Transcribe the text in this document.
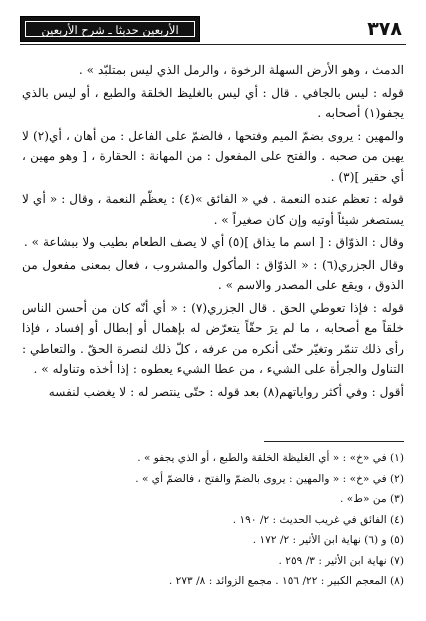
الأربعين حديثا ـ شرح الأربعين	٣٧٨

الدمث ، وهو الأرض السهلة الرخوة ، والرمل الذي ليس بمتلبّد » .

قوله : ليس بالجافي . قال : أي ليس بالغليظ الخلقة والطبع ، أو ليس بالذي يجفو(١) أصحابه .

والمهين : يروى بضمّ الميم وفتحها ، فالضمّ على الفاعل : من أهان ، أي(٢) لا يهين من صحبه . والفتح على المفعول : من المهانة : الحقارة ، [ وهو مهين ، أي حقير ](٣) .

قوله : تعظم عنده النعمة . في « الفائق »(٤) : يعظّم النعمة ، وقال : « أي لا يستصغر شيئاً أوتيه وإن كان صغيراً » .

وقال : الذوّاق : [ اسم ما يذاق ](٥) أي لا يصف الطعام بطيب ولا ببشاعة » .

وقال الجزري(٦) : « الذوّاق : المأكول والمشروب ، فعال بمعنى مفعول من الذوق ، ويقع على المصدر والاسم » .

قوله : فإذا تعوطي الحق . قال الجزري(٧) : « أي أنّه كان من أحسن الناس خلقاً مع أصحابه ، ما لم يرَ حقّاً يتعرّض له بإهمال أو إبطال أو إفساد ، فإذا رأى ذلك تنمّر وتغيّر حتّى أنكره من عرفه ، كلّ ذلك لنصرة الحقّ . والتعاطي : التناول والجرأة على الشيء ، من عطا الشيء يعطوه : إذا أخذه وتناوله » .

أقول : وفي أكثر رواياتهم(٨) بعد قوله : حتّى ينتصر له : لا يغضب لنفسه

(١) في «خ» : « أي الغليظة الخلقة والطبع ، أو الذي يجفو » .
(٢) في «خ» : « والمهين : يروى بالضمّ والفتح ، فالضمّ أي » .
(٣) من «ط» .
(٤) الفائق في غريب الحديث : ٢/ ١٩٠ .
(٥) و (٦) نهاية ابن الأثير : ٢/ ١٧٢ .
(٧) نهاية ابن الأثير : ٣/ ٢٥٩ .
(٨) المعجم الكبير : ٢٢/ ١٥٦ . مجمع الزوائد : ٨/ ٢٧٣ .
